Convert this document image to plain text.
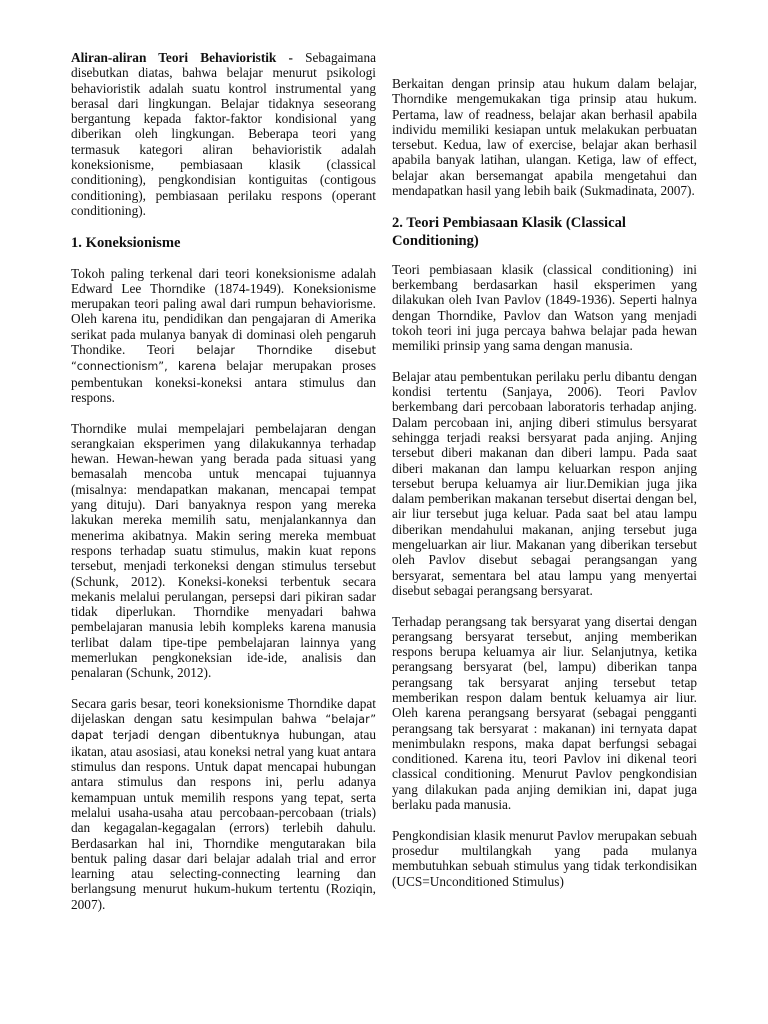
Aliran-aliran Teori Behavioristik - Sebagaimana disebutkan diatas, bahwa belajar menurut psikologi behavioristik adalah suatu kontrol instrumental yang berasal dari lingkungan. Belajar tidaknya seseorang bergantung kepada faktor-faktor kondisional yang diberikan oleh lingkungan. Beberapa teori yang termasuk kategori aliran behavioristik adalah koneksionisme, pembiasaan klasik (classical conditioning), pengkondisian kontiguitas (contigous conditioning), pembiasaan perilaku respons (operant conditioning).

1. Koneksionisme

Tokoh paling terkenal dari teori koneksionisme adalah Edward Lee Thorndike (1874-1949). Koneksionisme merupakan teori paling awal dari rumpun behaviorisme. Oleh karena itu, pendidikan dan pengajaran di Amerika serikat pada mulanya banyak di dominasi oleh pengaruh Thondike. Teori belajar Thorndike disebut “connectionism”, karena belajar merupakan proses pembentukan koneksi-koneksi antara stimulus dan respons.

Thorndike mulai mempelajari pembelajaran dengan serangkaian eksperimen yang dilakukannya terhadap hewan. Hewan-hewan yang berada pada situasi yang bemasalah mencoba untuk mencapai tujuannya (misalnya: mendapatkan makanan, mencapai tempat yang dituju). Dari banyaknya respon yang mereka lakukan mereka memilih satu, menjalankannya dan menerima akibatnya. Makin sering mereka membuat respons terhadap suatu stimulus, makin kuat repons tersebut, menjadi terkoneksi dengan stimulus tersebut (Schunk, 2012). Koneksi-koneksi terbentuk secara mekanis melalui perulangan, persepsi dari pikiran sadar tidak diperlukan. Thorndike menyadari bahwa pembelajaran manusia lebih kompleks karena manusia terlibat dalam tipe-tipe pembelajaran lainnya yang memerlukan pengkoneksian ide-ide, analisis dan penalaran (Schunk, 2012).

Secara garis besar, teori koneksionisme Thorndike dapat dijelaskan dengan satu kesimpulan bahwa “belajar” dapat terjadi dengan dibentuknya hubungan, atau ikatan, atau asosiasi, atau koneksi netral yang kuat antara stimulus dan respons. Untuk dapat mencapai hubungan antara stimulus dan respons ini, perlu adanya kemampuan untuk memilih respons yang tepat, serta melalui usaha-usaha atau percobaan-percobaan (trials) dan kegagalan-kegagalan (errors) terlebih dahulu. Berdasarkan hal ini, Thorndike mengutarakan bila bentuk paling dasar dari belajar adalah trial and error learning atau selecting-connecting learning dan berlangsung menurut hukum-hukum tertentu (Roziqin, 2007).

Berkaitan dengan prinsip atau hukum dalam belajar, Thorndike mengemukakan tiga prinsip atau hukum. Pertama, law of readness, belajar akan berhasil apabila individu memiliki kesiapan untuk melakukan perbuatan tersebut. Kedua, law of exercise, belajar akan berhasil apabila banyak latihan, ulangan. Ketiga, law of effect, belajar akan bersemangat apabila mengetahui dan mendapatkan hasil yang lebih baik (Sukmadinata, 2007).

2. Teori Pembiasaan Klasik (Classical Conditioning)

Teori pembiasaan klasik (classical conditioning) ini berkembang berdasarkan hasil eksperimen yang dilakukan oleh Ivan Pavlov (1849-1936). Seperti halnya dengan Thorndike, Pavlov dan Watson yang menjadi tokoh teori ini juga percaya bahwa belajar pada hewan memiliki prinsip yang sama dengan manusia.

Belajar atau pembentukan perilaku perlu dibantu dengan kondisi tertentu (Sanjaya, 2006). Teori Pavlov berkembang dari percobaan laboratoris terhadap anjing. Dalam percobaan ini, anjing diberi stimulus bersyarat sehingga terjadi reaksi bersyarat pada anjing. Anjing tersebut diberi makanan dan diberi lampu. Pada saat diberi makanan dan lampu keluarkan respon anjing tersebut berupa keluamya air liur.Demikian juga jika dalam pemberikan makanan tersebut disertai dengan bel, air liur tersebut juga keluar. Pada saat bel atau lampu diberikan mendahului makanan, anjing tersebut juga mengeluarkan air liur. Makanan yang diberikan tersebut oleh Pavlov disebut sebagai perangsangan yang bersyarat, sementara bel atau lampu yang menyertai disebut sebagai perangsang bersyarat.

Terhadap perangsang tak bersyarat yang disertai dengan perangsang bersyarat tersebut, anjing memberikan respons berupa keluamya air liur. Selanjutnya, ketika perangsang bersyarat (bel, lampu) diberikan tanpa perangsang tak bersyarat anjing tersebut tetap memberikan respon dalam bentuk keluamya air liur. Oleh karena perangsang bersyarat (sebagai pengganti perangsang tak bersyarat : makanan) ini ternyata dapat menimbulakn respons, maka dapat berfungsi sebagai conditioned. Karena itu, teori Pavlov ini dikenal teori classical conditioning. Menurut Pavlov pengkondisian yang dilakukan pada anjing demikian ini, dapat juga berlaku pada manusia.

Pengkondisian klasik menurut Pavlov merupakan sebuah prosedur multilangkah yang pada mulanya membutuhkan sebuah stimulus yang tidak terkondisikan (UCS=Unconditioned Stimulus)
